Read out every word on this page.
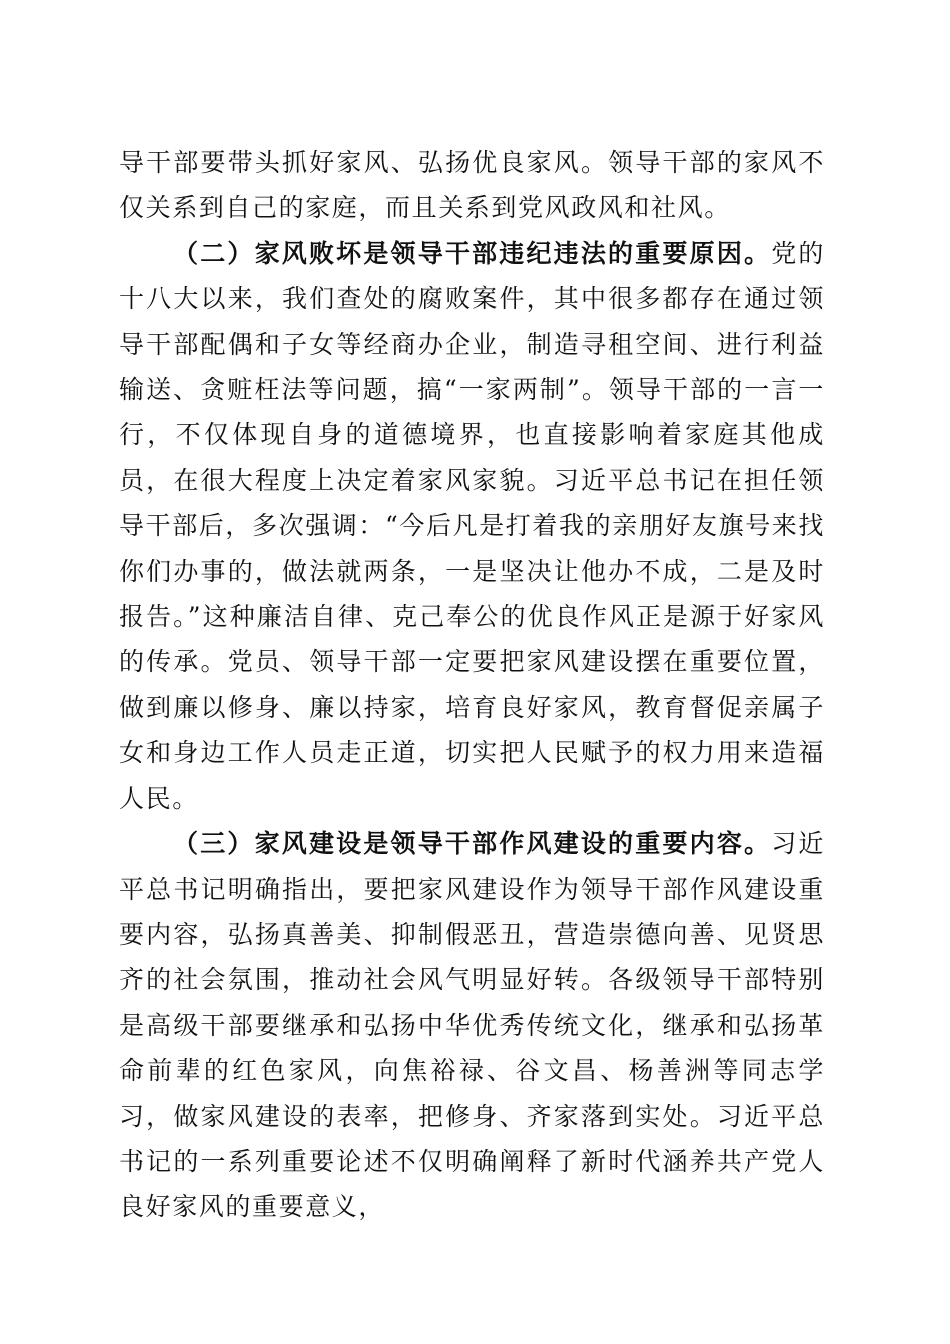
导干部要带头抓好家风、弘扬优良家风。领导干部的家风不仅关系到自己的家庭，而且关系到党风政风和社风。

（二）家风败坏是领导干部违纪违法的重要原因。党的十八大以来，我们查处的腐败案件，其中很多都存在通过领导干部配偶和子女等经商办企业，制造寻租空间、进行利益输送、贪赃枉法等问题，搞“一家两制”。领导干部的一言一行，不仅体现自身的道德境界，也直接影响着家庭其他成员，在很大程度上决定着家风家貌。习近平总书记在担任领导干部后，多次强调：“今后凡是打着我的亲朋好友旗号来找你们办事的，做法就两条，一是坚决让他办不成，二是及时报告。”这种廉洁自律、克己奉公的优良作风正是源于好家风的传承。党员、领导干部一定要把家风建设摆在重要位置，做到廉以修身、廉以持家，培育良好家风，教育督促亲属子女和身边工作人员走正道，切实把人民赋予的权力用来造福人民。

（三）家风建设是领导干部作风建设的重要内容。习近平总书记明确指出，要把家风建设作为领导干部作风建设重要内容，弘扬真善美、抑制假恶丑，营造崇德向善、见贤思齐的社会氛围，推动社会风气明显好转。各级领导干部特别是高级干部要继承和弘扬中华优秀传统文化，继承和弘扬革命前辈的红色家风，向焦裕禄、谷文昌、杨善洲等同志学习，做家风建设的表率，把修身、齐家落到实处。习近平总书记的一系列重要论述不仅明确阐释了新时代涵养共产党人良好家风的重要意义，
